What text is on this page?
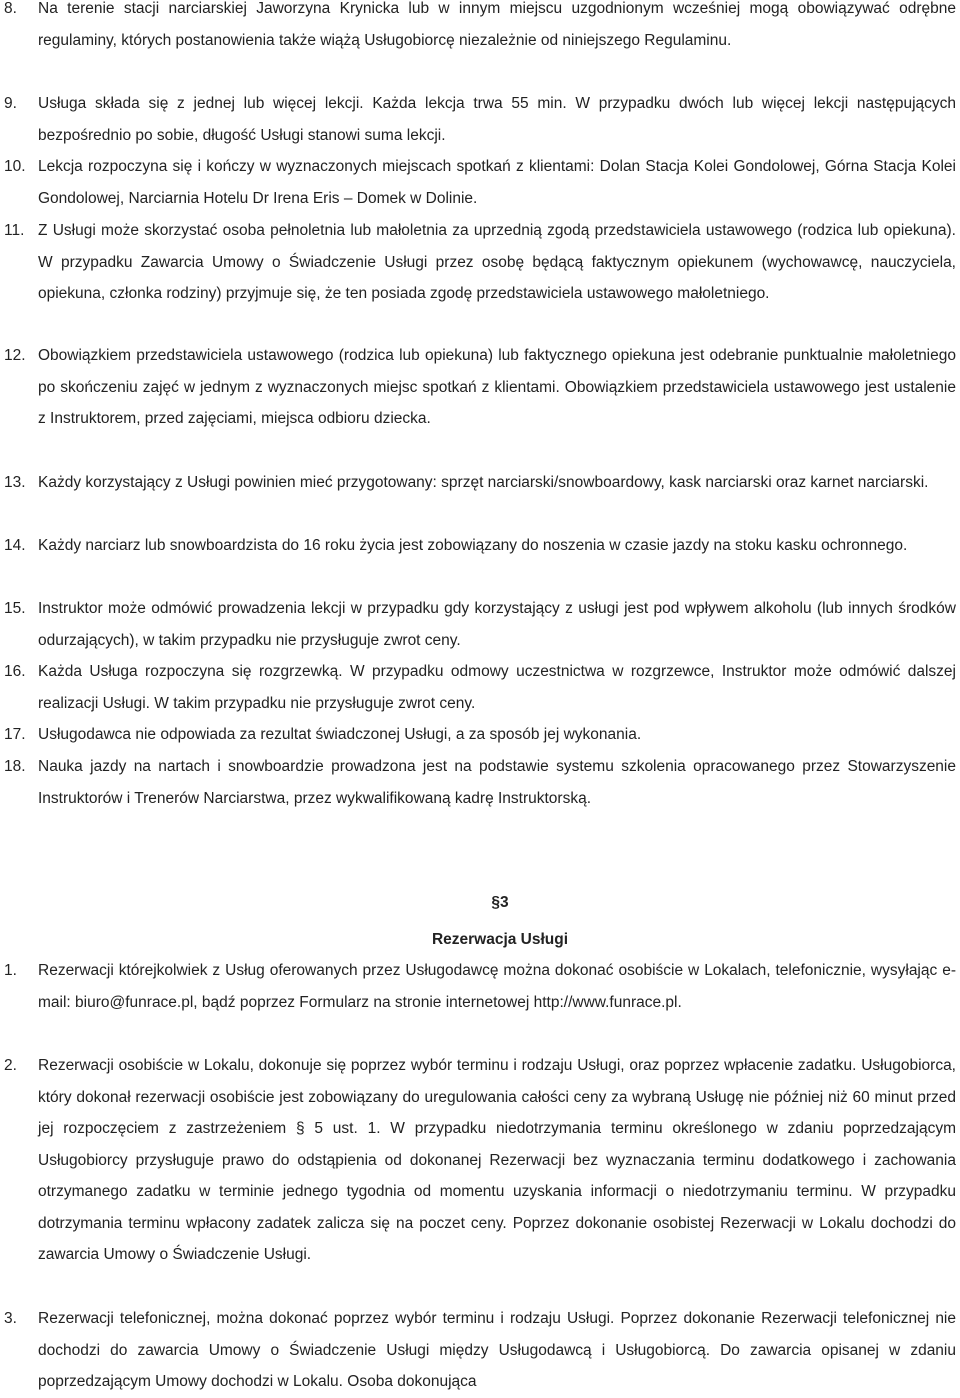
8.	Na terenie stacji narciarskiej Jaworzyna Krynicka lub w innym miejscu uzgodnionym wcześniej mogą obowiązywać odrębne regulaminy, których postanowienia także wiążą Usługobiorcę niezależnie od niniejszego Regulaminu.
9.	Usługa składa się z jednej lub więcej lekcji. Każda lekcja trwa 55 min. W przypadku dwóch lub więcej lekcji następujących bezpośrednio po sobie, długość Usługi stanowi suma lekcji.
10. Lekcja rozpoczyna się i kończy w wyznaczonych miejscach spotkań z klientami: Dolan Stacja Kolei Gondolowej, Górna Stacja Kolei Gondolowej, Narciarnia Hotelu Dr Irena Eris – Domek w Dolinie.
11. Z Usługi może skorzystać osoba pełnoletnia lub małoletnia za uprzednią zgodą przedstawiciela ustawowego (rodzica lub opiekuna). W przypadku Zawarcia Umowy o Świadczenie Usługi przez osobę będącą faktycznym opiekunem (wychowawcę, nauczyciela, opiekuna, członka rodziny) przyjmuje się, że ten posiada zgodę przedstawiciela ustawowego małoletniego.
12. Obowiązkiem przedstawiciela ustawowego (rodzica lub opiekuna) lub faktycznego opiekuna jest odebranie punktualnie małoletniego po skończeniu zajęć w jednym z wyznaczonych miejsc spotkań z klientami. Obowiązkiem przedstawiciela ustawowego jest ustalenie z Instruktorem, przed zajęciami, miejsca odbioru dziecka.
13. Każdy korzystający z Usługi powinien mieć przygotowany: sprzęt narciarski/snowboardowy, kask narciarski oraz karnet narciarski.
14. Każdy narciarz lub snowboardzista do 16 roku życia jest zobowiązany do noszenia w czasie jazdy na stoku kasku ochronnego.
15. Instruktor może odmówić prowadzenia lekcji w przypadku gdy korzystający z usługi jest pod wpływem alkoholu (lub innych środków odurzających), w takim przypadku nie przysługuje zwrot ceny.
16. Każda Usługa rozpoczyna się rozgrzewką. W przypadku odmowy uczestnictwa w rozgrzewce, Instruktor może odmówić dalszej realizacji Usługi. W takim przypadku nie przysługuje zwrot ceny.
17. Usługodawca nie odpowiada za rezultat świadczonej Usługi, a za sposób jej wykonania.
18. Nauka jazdy na nartach i snowboardzie prowadzona jest na podstawie systemu szkolenia opracowanego przez Stowarzyszenie Instruktorów i Trenerów Narciarstwa, przez wykwalifikowaną kadrę Instruktorską.
§ 3
Rezerwacja Usługi
1.	Rezerwacji którejkolwiek z Usług oferowanych przez Usługodawcę można dokonać osobiście w Lokalach, telefonicznie, wysyłając e-mail: biuro@funrace.pl, bądź poprzez Formularz na stronie internetowej http://www.funrace.pl.
2.	Rezerwacji osobiście w Lokalu, dokonuje się poprzez wybór terminu i rodzaju Usługi, oraz poprzez wpłacenie zadatku. Usługobiorca, który dokonał rezerwacji osobiście jest zobowiązany do uregulowania całości ceny za wybraną Usługę nie później niż 60 minut przed jej rozpoczęciem z zastrzeżeniem § 5 ust. 1. W przypadku niedotrzymania terminu określonego w zdaniu poprzedzającym Usługobiorcy przysługuje prawo do odstąpienia od dokonanej Rezerwacji bez wyznaczania terminu dodatkowego i zachowania otrzymanego zadatku w terminie jednego tygodnia od momentu uzyskania informacji o niedotrzymaniu terminu. W przypadku dotrzymania terminu wpłacony zadatek zalicza się na poczet ceny. Poprzez dokonanie osobistej Rezerwacji w Lokalu dochodzi do zawarcia Umowy o Świadczenie Usługi.
3.	Rezerwacji telefonicznej, można dokonać poprzez wybór terminu i rodzaju Usługi. Poprzez dokonanie Rezerwacji telefonicznej nie dochodzi do zawarcia Umowy o Świadczenie Usługi między Usługodawcą i Usługobiorcą. Do zawarcia opisanej w zdaniu poprzedzającym Umowy dochodzi w Lokalu. Osoba dokonująca
